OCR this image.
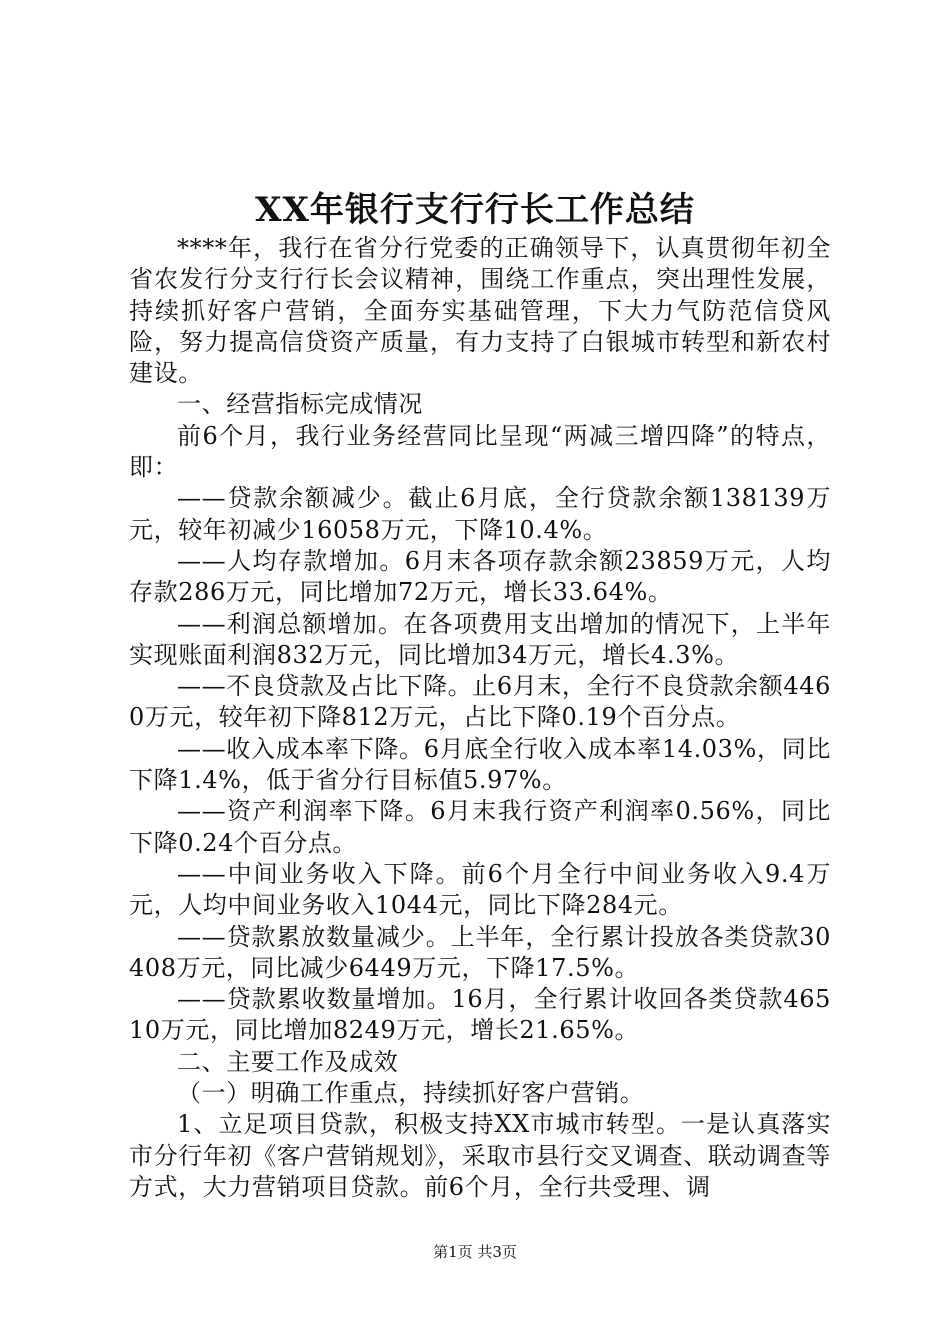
XX年银行支行行长工作总结

****年，我行在省分行党委的正确领导下，认真贯彻年初全省农发行分支行行长会议精神，围绕工作重点，突出理性发展，持续抓好客户营销，全面夯实基础管理，下大力气防范信贷风险，努力提高信贷资产质量，有力支持了白银城市转型和新农村建设。

一、经营指标完成情况

前6个月，我行业务经营同比呈现“两减三增四降”的特点，即：

——贷款余额减少。截止6月底，全行贷款余额138139万元，较年初减少16058万元，下降10.4%。

——人均存款增加。6月末各项存款余额23859万元，人均存款286万元，同比增加72万元，增长33.64%。

——利润总额增加。在各项费用支出增加的情况下，上半年实现账面利润832万元，同比增加34万元，增长4.3%。

——不良贷款及占比下降。止6月末，全行不良贷款余额4460万元，较年初下降812万元，占比下降0.19个百分点。

——收入成本率下降。6月底全行收入成本率14.03%，同比下降1.4%，低于省分行目标值5.97%。

——资产利润率下降。6月末我行资产利润率0.56%，同比下降0.24个百分点。

——中间业务收入下降。前6个月全行中间业务收入9.4万元，人均中间业务收入1044元，同比下降284元。

——贷款累放数量减少。上半年，全行累计投放各类贷款30408万元，同比减少6449万元，下降17.5%。

——贷款累收数量增加。16月，全行累计收回各类贷款46510万元，同比增加8249万元，增长21.65%。

二、主要工作及成效

（一）明确工作重点，持续抓好客户营销。

1、立足项目贷款，积极支持XX市城市转型。一是认真落实市分行年初《客户营销规划》，采取市县行交叉调查、联动调查等方式，大力营销项目贷款。前6个月，全行共受理、调

第1页 共3页
